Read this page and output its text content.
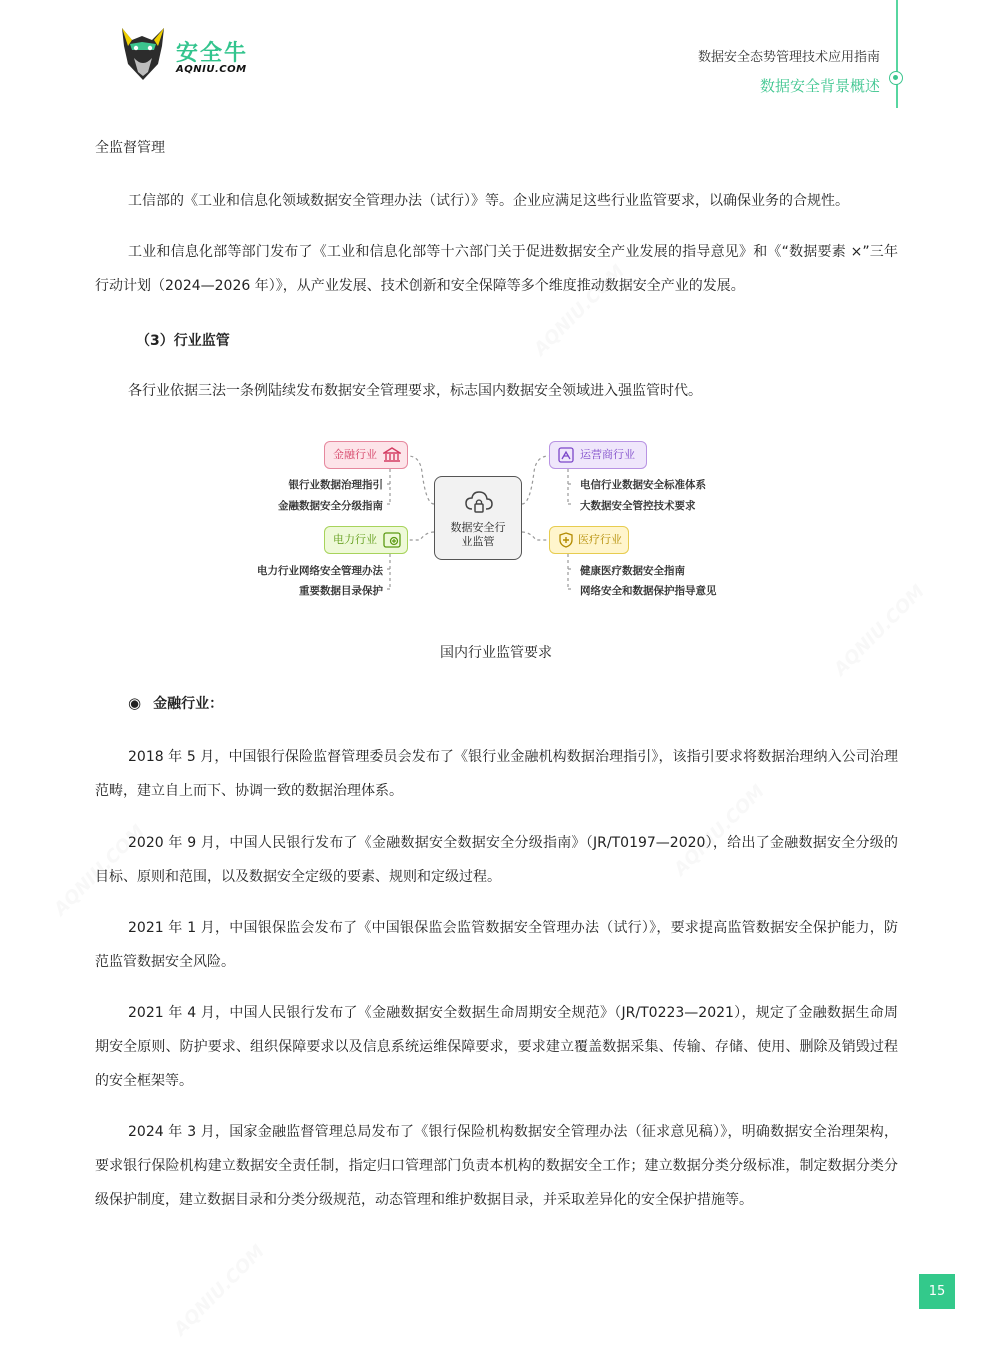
AQNIU.COM
AQNIU.COM
AQNIU.COM
AQNIU.COM
AQNIU.COM
安全牛
AQNIU.COM
数据安全态势管理技术应用指南
数据安全背景概述
全监督管理
工信部的《工业和信息化领域数据安全管理办法（试行）》等。企业应满足这些行业监管要求，以确保业务的合规性。
工业和信息化部等部门发布了《工业和信息化部等十六部门关于促进数据安全产业发展的指导意见》和《“数据要素 ×”三年行动计划（2024—2026 年）》，从产业发展、技术创新和安全保障等多个维度推动数据安全产业的发展。
（3）行业监管
各行业依据三法一条例陆续发布数据安全管理要求，标志国内数据安全领域进入强监管时代。
数据安全行业监管
金融行业	运营商行业
电力行业	医疗行业
银行业数据治理指引
金融数据安全分级指南
电信行业数据安全标准体系
大数据安全管控技术要求
电力行业网络安全管理办法
重要数据目录保护
健康医疗数据安全指南
网络安全和数据保护指导意见
国内行业监管要求
◉ 金融行业：
2018 年 5 月，中国银行保险监督管理委员会发布了《银行业金融机构数据治理指引》，该指引要求将数据治理纳入公司治理范畴，建立自上而下、协调一致的数据治理体系。
2020 年 9 月，中国人民银行发布了《金融数据安全数据安全分级指南》（JR/T0197—2020），给出了金融数据安全分级的目标、原则和范围，以及数据安全定级的要素、规则和定级过程。
2021 年 1 月，中国银保监会发布了《中国银保监会监管数据安全管理办法（试行）》，要求提高监管数据安全保护能力，防范监管数据安全风险。
2021 年 4 月，中国人民银行发布了《金融数据安全数据生命周期安全规范》（JR/T0223—2021），规定了金融数据生命周期安全原则、防护要求、组织保障要求以及信息系统运维保障要求，要求建立覆盖数据采集、传输、存储、使用、删除及销毁过程的安全框架等。
2024 年 3 月，国家金融监督管理总局发布了《银行保险机构数据安全管理办法（征求意见稿）》，明确数据安全治理架构，要求银行保险机构建立数据安全责任制，指定归口管理部门负责本机构的数据安全工作；建立数据分类分级标准，制定数据分类分级保护制度，建立数据目录和分类分级规范，动态管理和维护数据目录，并采取差异化的安全保护措施等。
15
